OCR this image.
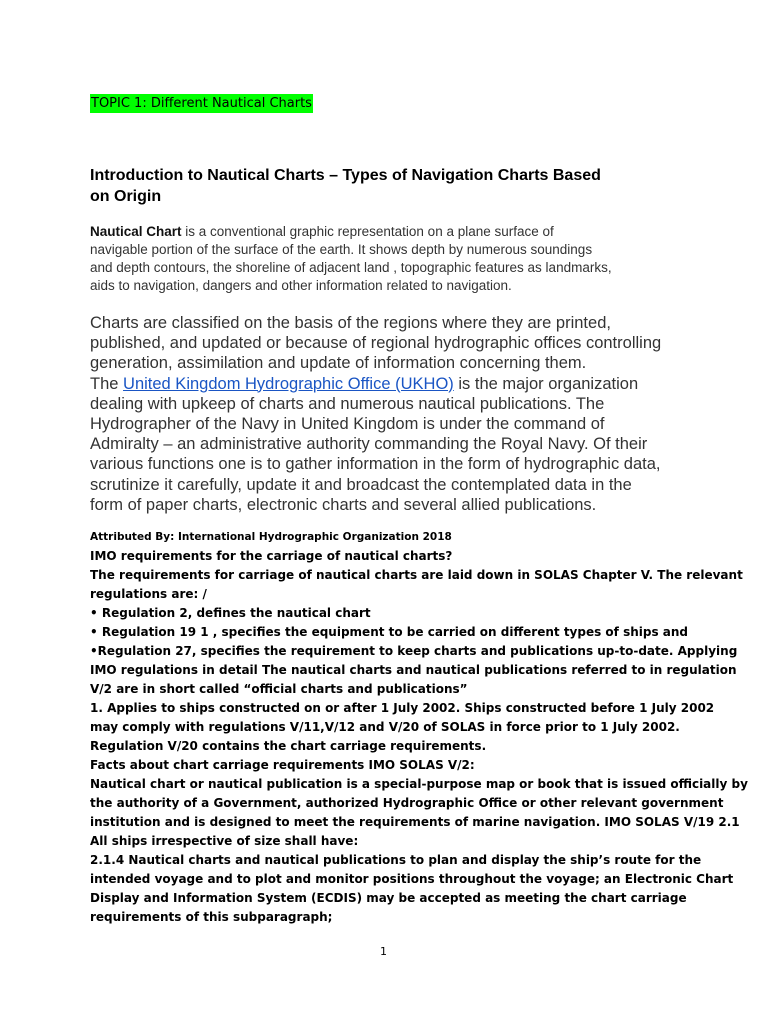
TOPIC 1: Different Nautical Charts
Introduction to Nautical Charts – Types of Navigation Charts Based
on Origin

Nautical Chart is a conventional graphic representation on a plane surface of
navigable portion of the surface of the earth. It shows depth by numerous soundings
and depth contours, the shoreline of adjacent land , topographic features as landmarks,
aids to navigation, dangers and other information related to navigation.

Charts are classified on the basis of the regions where they are printed,
published, and updated or because of regional hydrographic offices controlling
generation, assimilation and update of information concerning them.
The United Kingdom Hydrographic Office (UKHO) is the major organization
dealing with upkeep of charts and numerous nautical publications. The
Hydrographer of the Navy in United Kingdom is under the command of
Admiralty – an administrative authority commanding the Royal Navy. Of their
various functions one is to gather information in the form of hydrographic data,
scrutinize it carefully, update it and broadcast the contemplated data in the
form of paper charts, electronic charts and several allied publications.

Attributed By: International Hydrographic Organization 2018

IMO requirements for the carriage of nautical charts?

The requirements for carriage of nautical charts are laid down in SOLAS Chapter V. The relevant

regulations are: /

• Regulation 2, defines the nautical chart

• Regulation 19 1 , specifies the equipment to be carried on different types of ships and

•Regulation 27, specifies the requirement to keep charts and publications up-to-date. Applying

IMO regulations in detail The nautical charts and nautical publications referred to in regulation

V/2 are in short called “official charts and publications”

1. Applies to ships constructed on or after 1 July 2002. Ships constructed before 1 July 2002

may comply with regulations V/11,V/12 and V/20 of SOLAS in force prior to 1 July 2002.

Regulation V/20 contains the chart carriage requirements.

Facts about chart carriage requirements IMO SOLAS V/2:

Nautical chart or nautical publication is a special-purpose map or book that is issued officially by

the authority of a Government, authorized Hydrographic Office or other relevant government

institution and is designed to meet the requirements of marine navigation. IMO SOLAS V/19 2.1

All ships irrespective of size shall have:

2.1.4 Nautical charts and nautical publications to plan and display the ship’s route for the

intended voyage and to plot and monitor positions throughout the voyage; an Electronic Chart

Display and Information System (ECDIS) may be accepted as meeting the chart carriage

requirements of this subparagraph;

1
